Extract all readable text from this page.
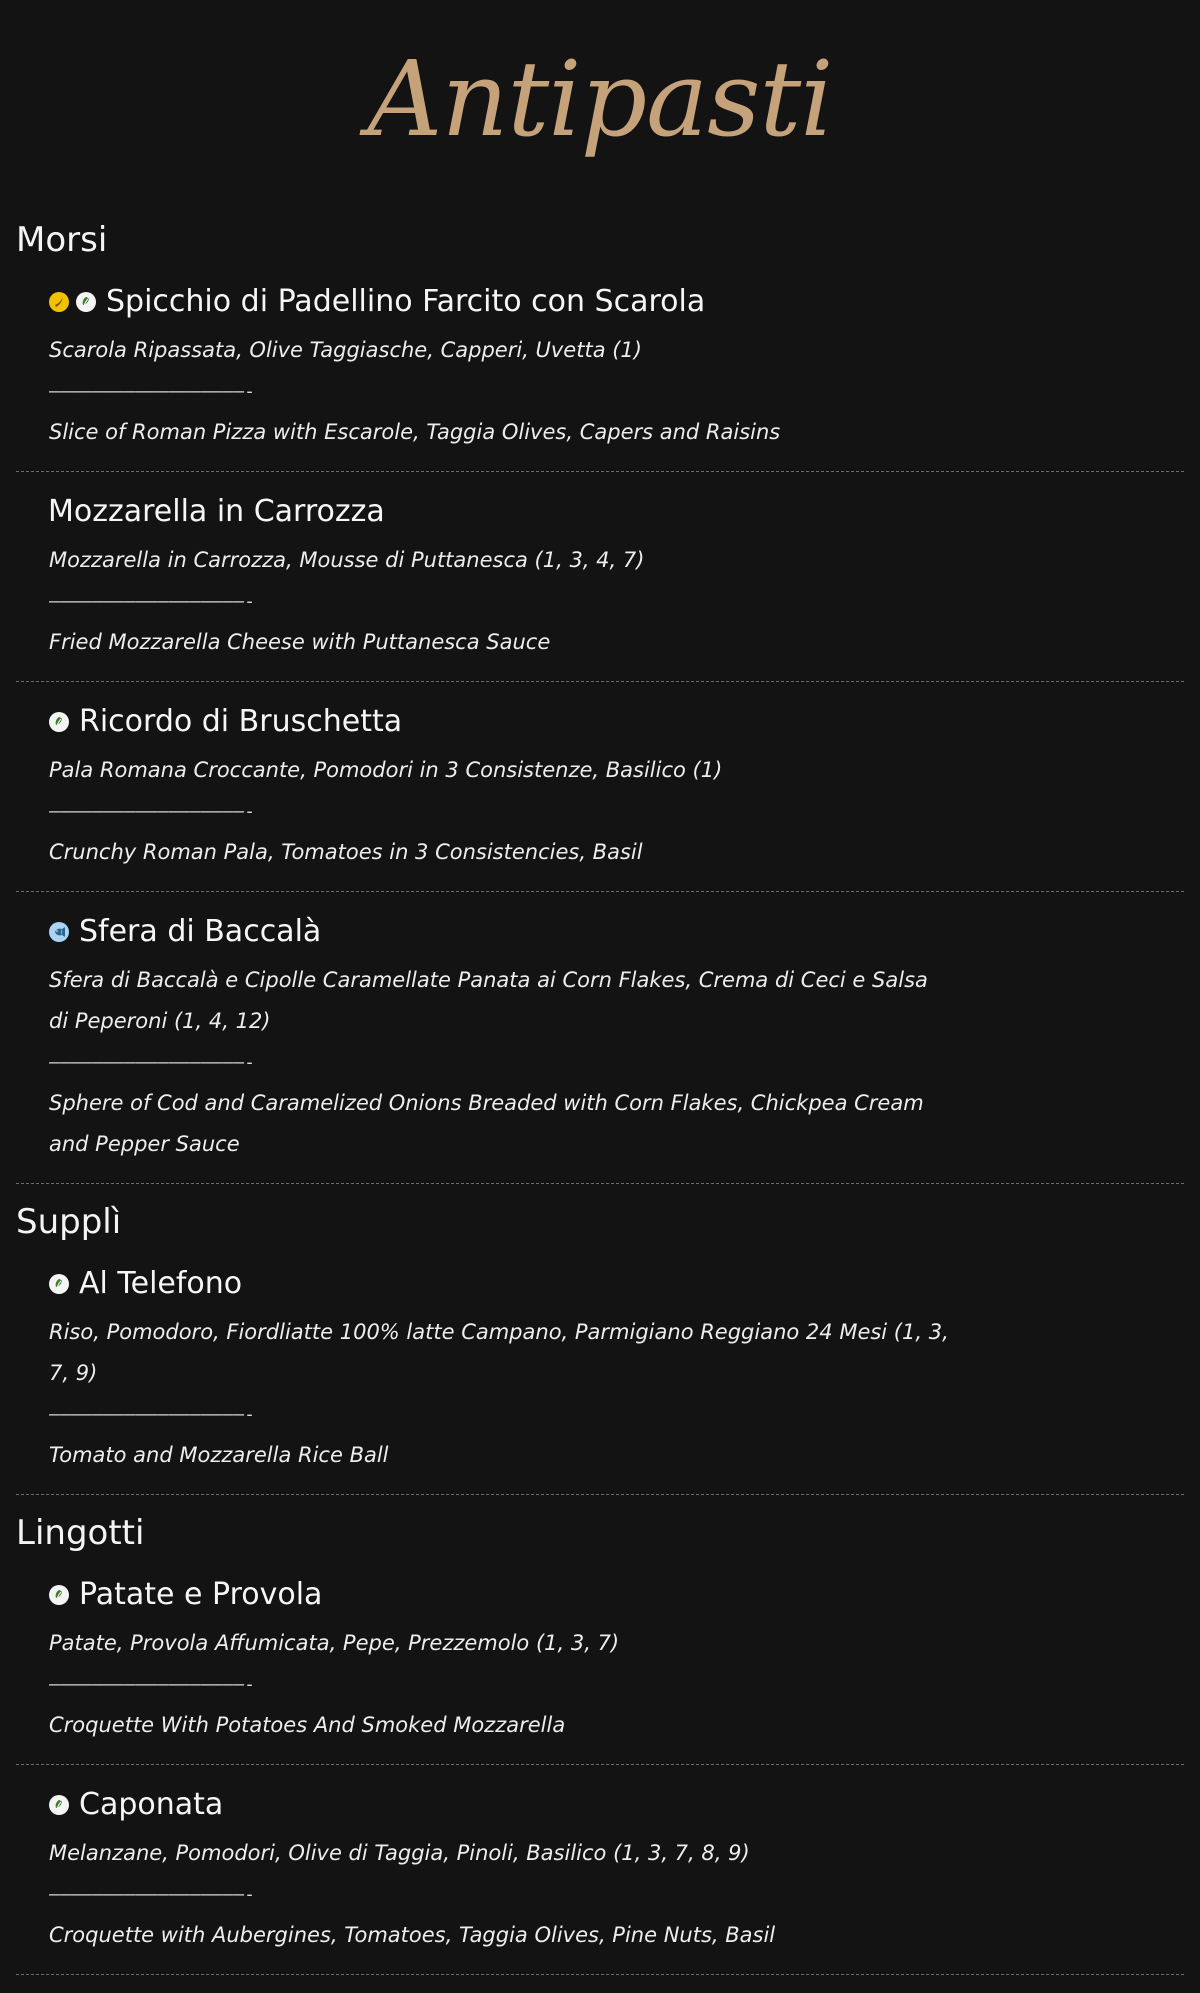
Antipasti
Morsi
Spicchio di Padellino Farcito con Scarola

Scarola Ripassata, Olive Taggiasche, Capperi, Uvetta (1)

——————————————————-

Slice of Roman Pizza with Escarole, Taggia Olives, Capers and Raisins

Mozzarella in Carrozza

Mozzarella in Carrozza, Mousse di Puttanesca (1, 3, 4, 7)

——————————————————-

Fried Mozzarella Cheese with Puttanesca Sauce

Ricordo di Bruschetta

Pala Romana Croccante, Pomodori in 3 Consistenze, Basilico (1)

——————————————————-

Crunchy Roman Pala, Tomatoes in 3 Consistencies, Basil

Sfera di Baccalà

Sfera di Baccalà e Cipolle Caramellate Panata ai Corn Flakes, Crema di Ceci e Salsa di Peperoni (1, 4, 12)

——————————————————-

Sphere of Cod and Caramelized Onions Breaded with Corn Flakes, Chickpea Cream and Pepper Sauce

Supplì
Al Telefono

Riso, Pomodoro, Fiordliatte 100% latte Campano, Parmigiano Reggiano 24 Mesi (1, 3, 7, 9)

——————————————————-

Tomato and Mozzarella Rice Ball

Lingotti
Patate e Provola

Patate, Provola Affumicata, Pepe, Prezzemolo (1, 3, 7)

——————————————————-

Croquette With Potatoes And Smoked Mozzarella

Caponata

Melanzane, Pomodori, Olive di Taggia, Pinoli, Basilico (1, 3, 7, 8, 9)

——————————————————-

Croquette with Aubergines, Tomatoes, Taggia Olives, Pine Nuts, Basil
